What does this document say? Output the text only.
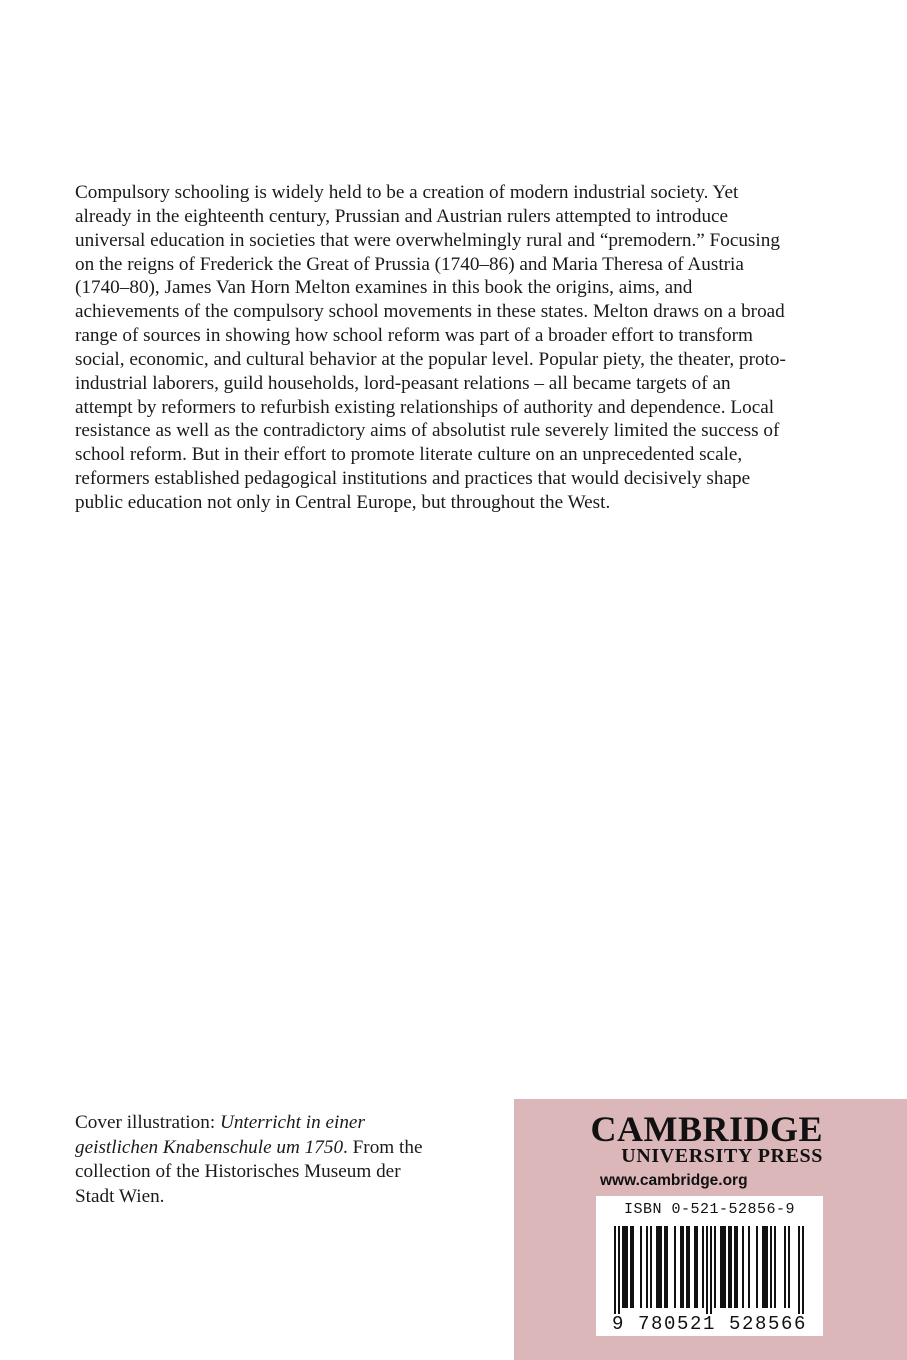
Compulsory schooling is widely held to be a creation of modern industrial society. Yet
already in the eighteenth century, Prussian and Austrian rulers attempted to introduce
universal education in societies that were overwhelmingly rural and “premodern.” Focusing
on the reigns of Frederick the Great of Prussia (1740–86) and Maria Theresa of Austria
(1740–80), James Van Horn Melton examines in this book the origins, aims, and
achievements of the compulsory school movements in these states. Melton draws on a broad
range of sources in showing how school reform was part of a broader effort to transform
social, economic, and cultural behavior at the popular level. Popular piety, the theater, proto-
industrial laborers, guild households, lord-peasant relations – all became targets of an
attempt by reformers to refurbish existing relationships of authority and dependence. Local
resistance as well as the contradictory aims of absolutist rule severely limited the success of
school reform. But in their effort to promote literate culture on an unprecedented scale,
reformers established pedagogical institutions and practices that would decisively shape
public education not only in Central Europe, but throughout the West.
Cover illustration: Unterricht in einer
geistlichen Knabenschule um 1750. From the
collection of the Historisches Museum der
Stadt Wien.
CAMBRIDGE
UNIVERSITY PRESS
www.cambridge.org
ISBN 0-521-52856-9
9 780521 528566
